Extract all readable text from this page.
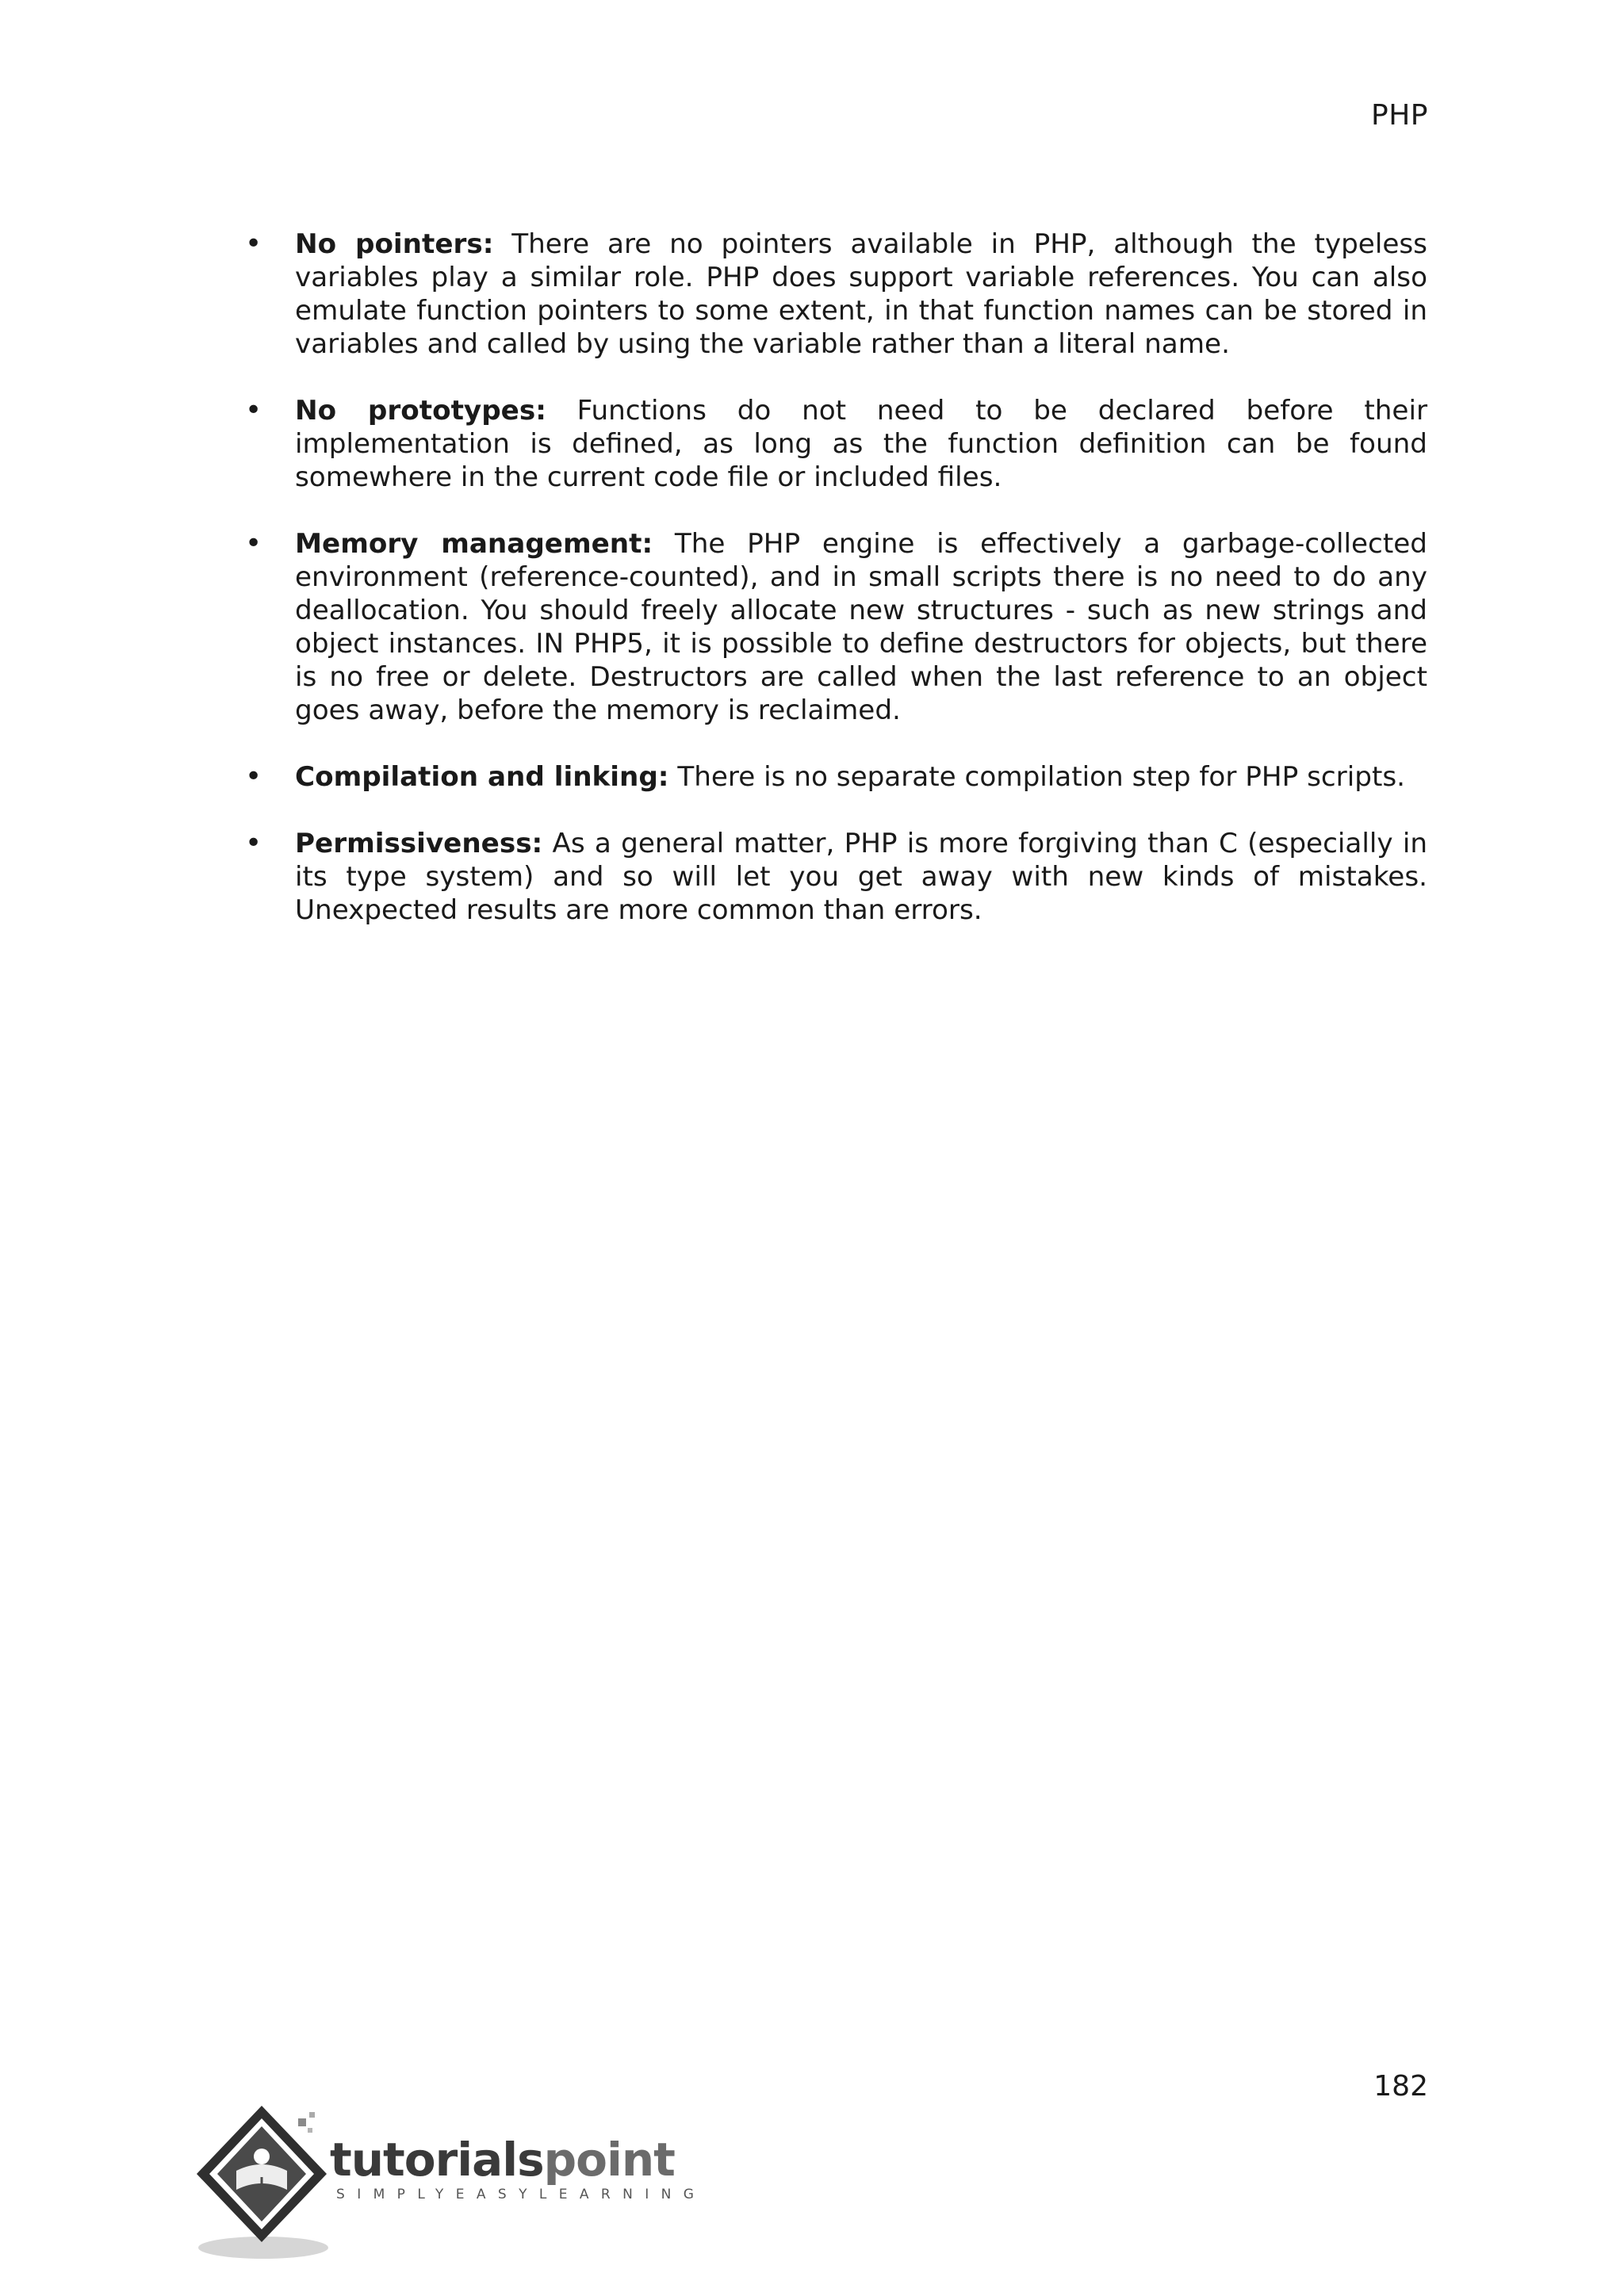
PHP
• No pointers: There are no pointers available in PHP, although the typeless variables play a similar role. PHP does support variable references. You can also emulate function pointers to some extent, in that function names can be stored in variables and called by using the variable rather than a literal name.
• No prototypes: Functions do not need to be declared before their implementation is defined, as long as the function definition can be found somewhere in the current code file or included files.
• Memory management: The PHP engine is effectively a garbage-collected environment (reference-counted), and in small scripts there is no need to do any deallocation. You should freely allocate new structures - such as new strings and object instances. IN PHP5, it is possible to define destructors for objects, but there is no free or delete. Destructors are called when the last reference to an object goes away, before the memory is reclaimed.
• Compilation and linking: There is no separate compilation step for PHP scripts.
• Permissiveness: As a general matter, PHP is more forgiving than C (especially in its type system) and so will let you get away with new kinds of mistakes. Unexpected results are more common than errors.
182
tutorialspoint
SIMPLYEASYLEARNING
